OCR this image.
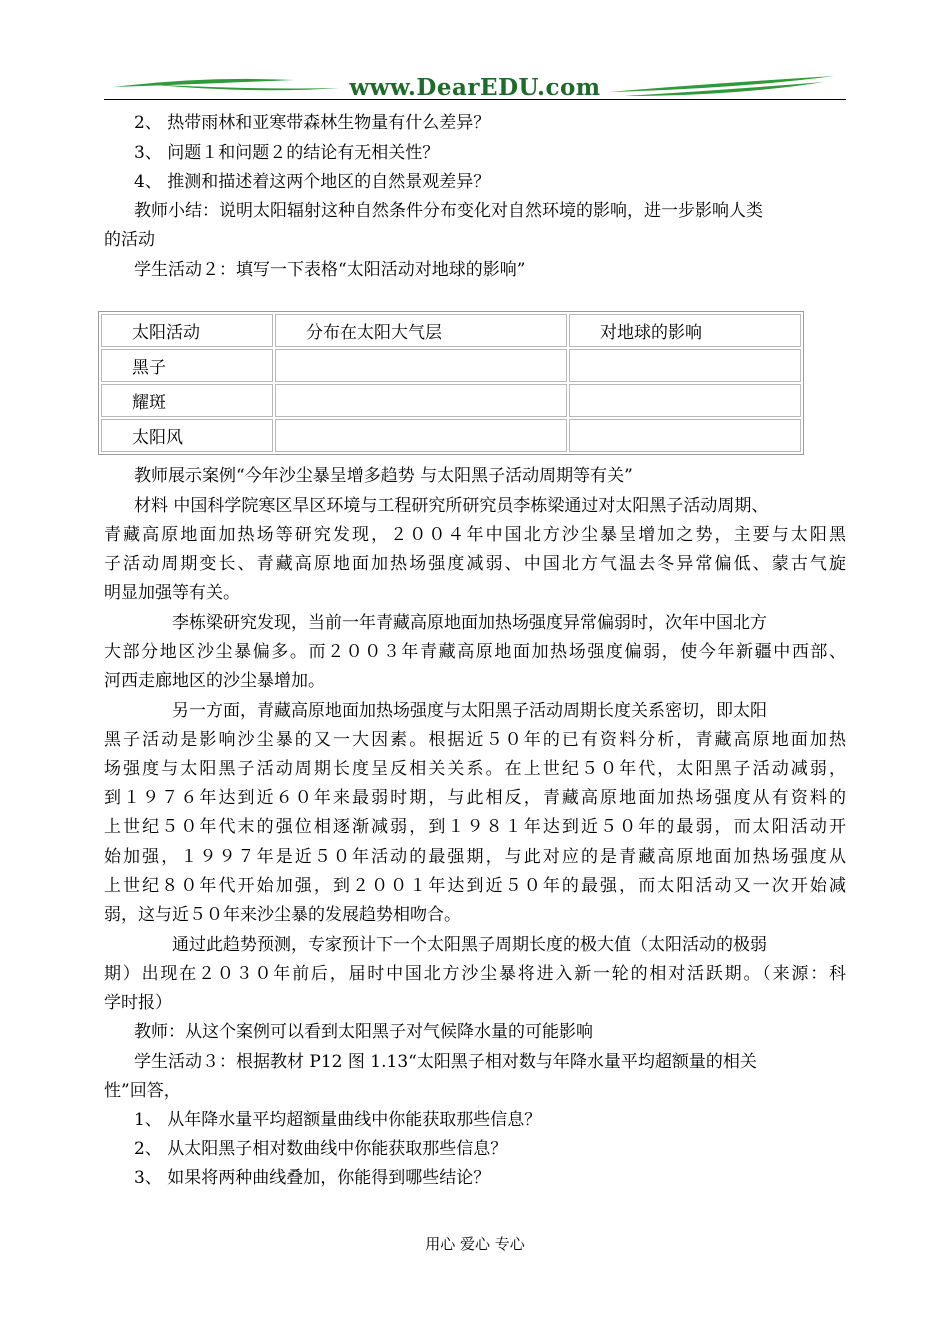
www.DearEDU.com
2、 热带雨林和亚寒带森林生物量有什么差异？
3、 问题１和问题２的结论有无相关性？
4、 推测和描述着这两个地区的自然景观差异？
教师小结：说明太阳辐射这种自然条件分布变化对自然环境的影响，进一步影响人类
的活动
学生活动２：填写一下表格“太阳活动对地球的影响”
太阳活动	分布在太阳大气层	对地球的影响
黑子		
耀斑		
太阳风		
教师展示案例“今年沙尘暴呈增多趋势 与太阳黑子活动周期等有关”
材料 中国科学院寒区旱区环境与工程研究所研究员李栋梁通过对太阳黑子活动周期、
青藏高原地面加热场等研究发现，２００４年中国北方沙尘暴呈增加之势，主要与太阳黑
子活动周期变长、青藏高原地面加热场强度减弱、中国北方气温去冬异常偏低、蒙古气旋
明显加强等有关。
李栋梁研究发现，当前一年青藏高原地面加热场强度异常偏弱时，次年中国北方
大部分地区沙尘暴偏多。而２００３年青藏高原地面加热场强度偏弱，使今年新疆中西部、
河西走廊地区的沙尘暴增加。
另一方面，青藏高原地面加热场强度与太阳黑子活动周期长度关系密切，即太阳
黑子活动是影响沙尘暴的又一大因素。根据近５０年的已有资料分析，青藏高原地面加热
场强度与太阳黑子活动周期长度呈反相关关系。在上世纪５０年代，太阳黑子活动减弱，
到１９７６年达到近６０年来最弱时期，与此相反，青藏高原地面加热场强度从有资料的
上世纪５０年代末的强位相逐渐减弱，到１９８１年达到近５０年的最弱，而太阳活动开
始加强，１９９７年是近５０年活动的最强期，与此对应的是青藏高原地面加热场强度从
上世纪８０年代开始加强，到２００１年达到近５０年的最强，而太阳活动又一次开始减
弱，这与近５０年来沙尘暴的发展趋势相吻合。
通过此趋势预测，专家预计下一个太阳黑子周期长度的极大值（太阳活动的极弱
期）出现在２０３０年前后，届时中国北方沙尘暴将进入新一轮的相对活跃期。（来源：科
学时报）
教师：从这个案例可以看到太阳黑子对气候降水量的可能影响
学生活动３：根据教材 P12 图 1.13“太阳黑子相对数与年降水量平均超额量的相关
性”回答，
1、 从年降水量平均超额量曲线中你能获取那些信息？
2、 从太阳黑子相对数曲线中你能获取那些信息？
3、 如果将两种曲线叠加，你能得到哪些结论？
用心 爱心 专心
